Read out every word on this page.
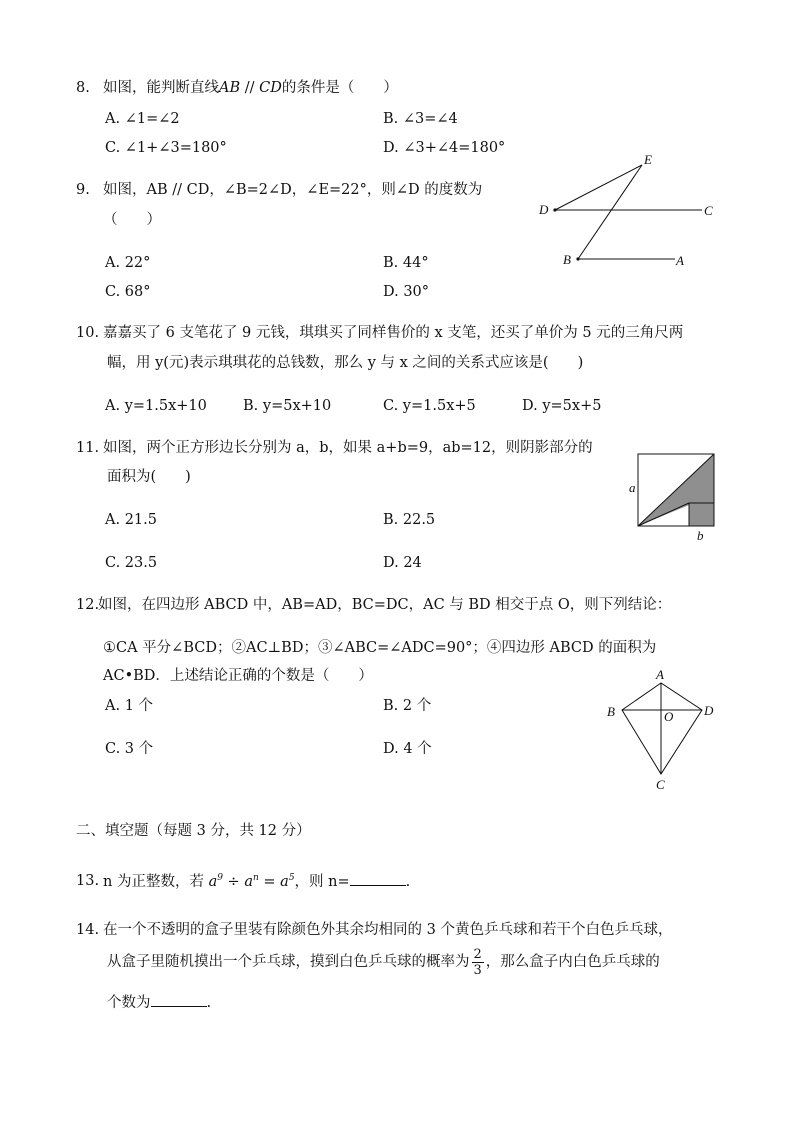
8. 如图，能判断直线AB // CD的条件是（　　）
A. ∠1=∠2	B. ∠3=∠4
C. ∠1+∠3=180°	D. ∠3+∠4=180°
9. 如图，AB // CD，∠B=2∠D，∠E=22°，则∠D 的度数为
（　　）
A. 22°	B. 44°
C. 68°	D. 30°
E
D	C
B	A
10. 嘉嘉买了 6 支笔花了 9 元钱，琪琪买了同样售价的 x 支笔，还买了单价为 5 元的三角尺两
幅，用 y(元)表示琪琪花的总钱数，那么 y 与 x 之间的关系式应该是(　　)
A. y=1.5x+10 B. y=5x+10	C. y=1.5x+5	D. y=5x+5
11. 如图，两个正方形边长分别为 a，b，如果 a+b=9，ab=12，则阴影部分的
面积为(　　)
A. 21.5	B. 22.5
C. 23.5	D. 24
a
b
12.
如图，在四边形 ABCD 中，AB=AD，BC=DC，AC 与 BD 相交于点 O，则下列结论：
①CA 平分∠BCD；②AC⊥BD；③∠ABC=∠ADC=90°；④四边形 ABCD 的面积为
AC•BD．上述结论正确的个数是（　　）
A. 1 个	B. 2 个
C. 3 个	D. 4 个
A
B	O D
C
二、填空题（每题 3 分，共 12 分）
13. n 为正整数，若 $a^9 \div a^n = a^5$，则 n=	.
14. 在一个不透明的盒子里装有除颜色外其余均相同的 3 个黄色乒乓球和若干个白色乒乓球，
从盒子里随机摸出一个乒乓球，摸到白色乒乓球的概率为 $\frac{2}{3}$ ，那么盒子内白色乒乓球的
个数为	.
